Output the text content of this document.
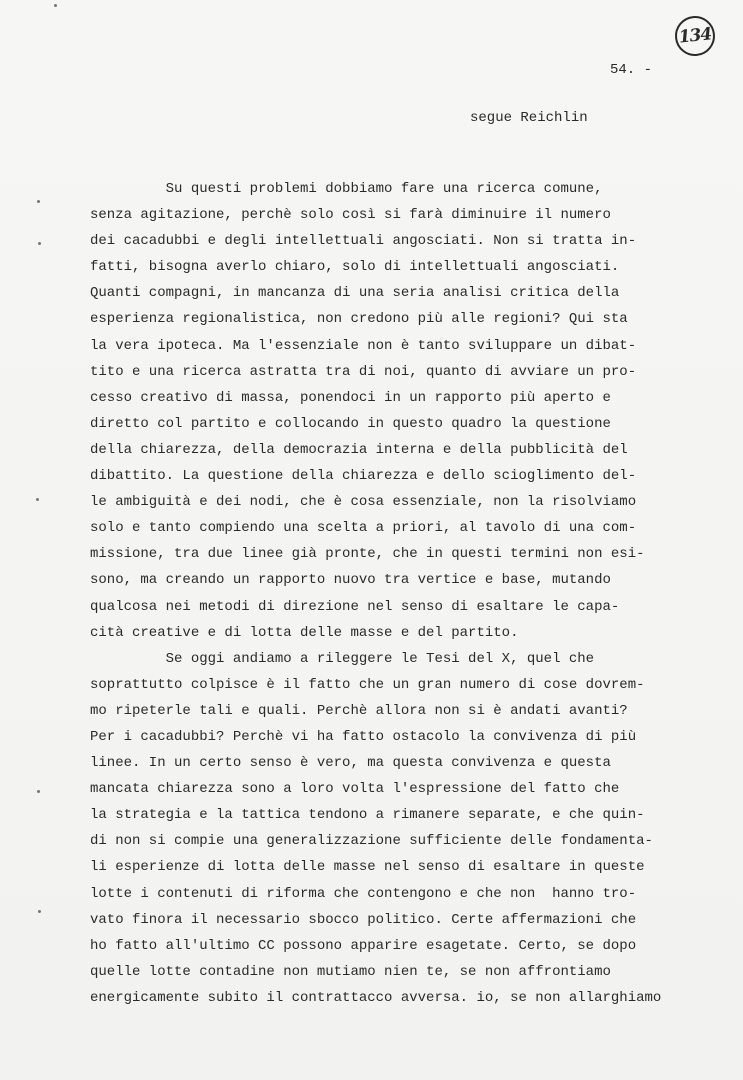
134
54. -
segue Reichlin
Su questi problemi dobbiamo fare una ricerca comune,
senza agitazione, perchè solo così si farà diminuire il numero
dei cacadubbi e degli intellettuali angosciati. Non si tratta in-
fatti, bisogna averlo chiaro, solo di intellettuali angosciati.
Quanti compagni, in mancanza di una seria analisi critica della
esperienza regionalistica, non credono più alle regioni? Qui sta
la vera ipoteca. Ma l'essenziale non è tanto sviluppare un dibat-
tito e una ricerca astratta tra di noi, quanto di avviare un pro-
cesso creativo di massa, ponendoci in un rapporto più aperto e
diretto col partito e collocando in questo quadro la questione
della chiarezza, della democrazia interna e della pubblicità del
dibattito. La questione della chiarezza e dello scioglimento del-
le ambiguità e dei nodi, che è cosa essenziale, non la risolviamo
solo e tanto compiendo una scelta a priori, al tavolo di una com-
missione, tra due linee già pronte, che in questi termini non esi-
sono, ma creando un rapporto nuovo tra vertice e base, mutando
qualcosa nei metodi di direzione nel senso di esaltare le capa-
cità creative e di lotta delle masse e del partito.
Se oggi andiamo a rileggere le Tesi del X, quel che
soprattutto colpisce è il fatto che un gran numero di cose dovrem-
mo ripeterle tali e quali. Perchè allora non si è andati avanti?
Per i cacadubbi? Perchè vi ha fatto ostacolo la convivenza di più
linee. In un certo senso è vero, ma questa convivenza e questa
mancata chiarezza sono a loro volta l'espressione del fatto che
la strategia e la tattica tendono a rimanere separate, e che quin-
di non si compie una generalizzazione sufficiente delle fondamenta-
li esperienze di lotta delle masse nel senso di esaltare in queste
lotte i contenuti di riforma che contengono e che non  hanno tro-
vato finora il necessario sbocco politico. Certe affermazioni che
ho fatto all'ultimo CC possono apparire esagetate. Certo, se dopo
quelle lotte contadine non mutiamo nien te, se non affrontiamo
energicamente subito il contrattacco avversa. io, se non allarghiamo
